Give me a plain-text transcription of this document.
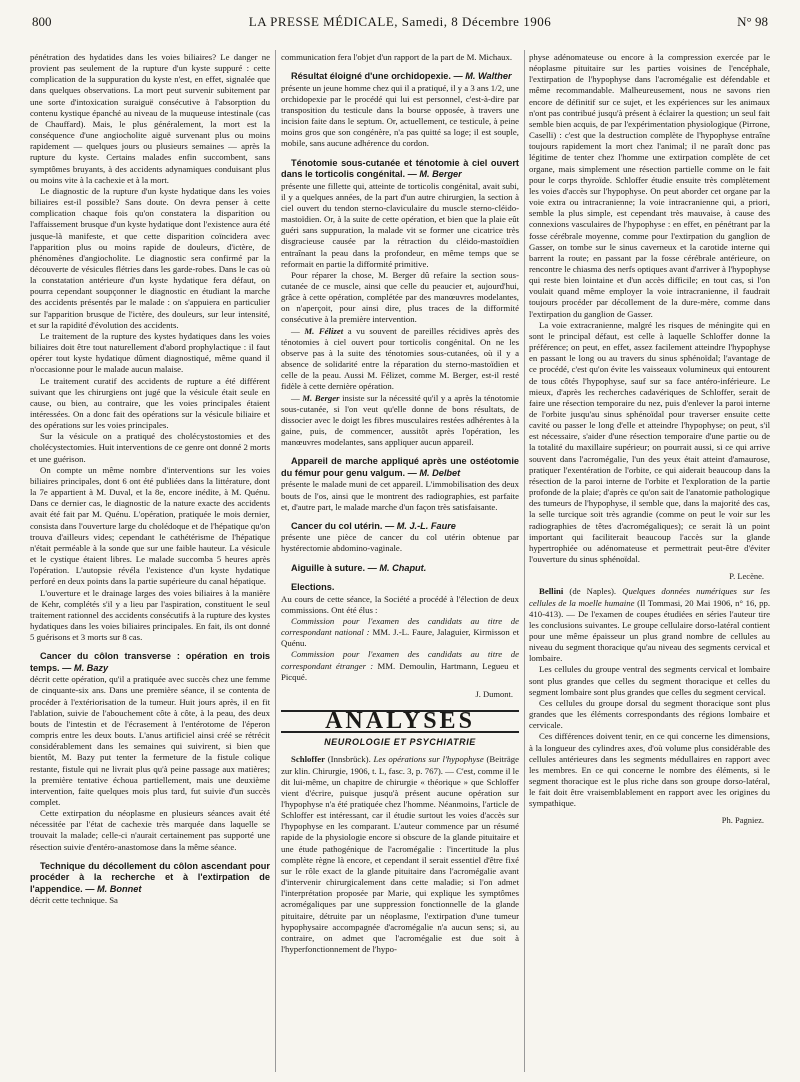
800	LA PRESSE MÉDICALE, Samedi, 8 Décembre 1906	N° 98

pénétration des hydatides dans les voies biliaires? Le danger ne provient pas seulement de la rupture d'un kyste suppuré : cette complication de la suppuration du kyste n'est, en effet, signalée que dans quelques observations. La mort peut survenir subitement par une sorte d'intoxication suraiguë consécutive à l'absorption du contenu kystique épanché au niveau de la muqueuse intestinale (cas de Chauffard). Mais, le plus généralement, la mort est la conséquence d'une angiocholite aiguë survenant plus ou moins rapidement — quelques jours ou plusieurs semaines — après la rupture du kyste. Certains malades enfin succombent, sans symptômes bruyants, à des accidents adynamiques conduisant plus ou moins vite à la cachexie et à la mort.

Le diagnostic de la rupture d'un kyste hydatique dans les voies biliaires est-il possible? Sans doute. On devra penser à cette complication chaque fois qu'on constatera la disparition ou l'affaissement brusque d'un kyste hydatique dont l'existence aura été jusque-là manifeste, et que cette disparition coïncidera avec l'apparition plus ou moins rapide de douleurs, d'ictère, de phénomènes d'angiocholite. Le diagnostic sera confirmé par la découverte de vésicules flétries dans les garde-robes. Dans le cas où la constatation antérieure d'un kyste hydatique fera défaut, on pourra cependant soupçonner le diagnostic en étudiant la marche des accidents présentés par le malade : on s'appuiera en particulier sur l'apparition brusque de l'ictère, des douleurs, sur leur intensité, et sur la rapidité d'évolution des accidents.

Le traitement de la rupture des kystes hydatiques dans les voies biliaires doit être tout naturellement d'abord prophylactique : il faut opérer tout kyste hydatique dûment diagnostiqué, même quand il n'occasionne pour le malade aucun malaise.

Le traitement curatif des accidents de rupture a été différent suivant que les chirurgiens ont jugé que la vésicule était seule en cause, ou bien, au contraire, que les voies principales étaient intéressées. On a donc fait des opérations sur la vésicule biliaire et des opérations sur les voies principales.

Sur la vésicule on a pratiqué des cholécystostomies et des cholécystectomies. Huit interventions de ce genre ont donné 2 morts et une guérison.

On compte un même nombre d'interventions sur les voies biliaires principales, dont 6 ont été publiées dans la littérature, dont la 7e appartient à M. Duval, et la 8e, encore inédite, à M. Quénu. Dans ce dernier cas, le diagnostic de la nature exacte des accidents avait été fait par M. Quénu. L'opération, pratiquée le mois dernier, consista dans l'ouverture large du cholédoque et de l'hépatique qu'on trouva d'ailleurs vides; cependant le cathétérisme de l'hépatique n'était perméable à la sonde que sur une faible hauteur. La vésicule et le cystique étaient libres. Le malade succomba 5 heures après l'opération. L'autopsie révéla l'existence d'un kyste hydatique perforé en deux points dans la partie supérieure du canal hépatique.

L'ouverture et le drainage larges des voies biliaires à la manière de Kehr, complétés s'il y a lieu par l'aspiration, constituent le seul traitement rationnel des accidents consécutifs à la rupture des kystes hydatiques dans les voies biliaires principales. En fait, ils ont donné 5 guérisons et 3 morts sur 8 cas.

Cancer du côlon transverse : opération en trois temps. — M. Bazy

décrit cette opération, qu'il a pratiquée avec succès chez une femme de cinquante-six ans. Dans une première séance, il se contenta de procéder à l'extériorisation de la tumeur. Huit jours après, il en fit l'ablation, suivie de l'abouchement côte à côte, à la peau, des deux bouts de l'intestin et de l'écrasement à l'entérotome de l'éperon compris entre les deux bouts. L'anus artificiel ainsi créé se rétrécit considérablement dans les semaines qui suivirent, si bien que bientôt, M. Bazy put tenter la fermeture de la fistule colique restante, fistule qui ne livrait plus qu'à peine passage aux matières; la première tentative échoua partiellement, mais une deuxième intervention, faite quelques mois plus tard, fut suivie d'un succès complet.

Cette extirpation du néoplasme en plusieurs séances avait été nécessitée par l'état de cachexie très marquée dans laquelle se trouvait la malade; celle-ci n'aurait certainement pas supporté une résection suivie d'entéro-anastomose dans la même séance.

Technique du décollement du côlon ascendant pour procéder à la recherche et à l'extirpation de l'appendice. — M. Bonnet

décrit cette technique. Sa

communication fera l'objet d'un rapport de la part de M. Michaux.

Résultat éloigné d'une orchidopexie. — M. Walther

présente un jeune homme chez qui il a pratiqué, il y a 3 ans 1/2, une orchidopexie par le procédé qui lui est personnel, c'est-à-dire par transposition du testicule dans la bourse opposée, à travers une incision faite dans le septum. Or, actuellement, ce testicule, à peine moins gros que son congénère, n'a pas quitté sa loge; il est souple, mobile, sans aucune adhérence du cordon.

Ténotomie sous-cutanée et ténotomie à ciel ouvert dans le torticolis congénital. — M. Berger

présente une fillette qui, atteinte de torticolis congénital, avait subi, il y a quelques années, de la part d'un autre chirurgien, la section à ciel ouvert du tendon sterno-claviculaire du muscle sterno-cléido-mastoïdien. Or, à la suite de cette opération, et bien que la plaie eût guéri sans suppuration, la malade vit se former une cicatrice très disgracieuse causée par la rétraction du cléido-mastoïdien entraînant la peau dans la profondeur, en même temps que se reformait en partie la difformité primitive.

Pour réparer la chose, M. Berger dû refaire la section sous-cutanée de ce muscle, ainsi que celle du peaucier et, aujourd'hui, grâce à cette opération, complétée par des manœuvres modelantes, on n'aperçoit, pour ainsi dire, plus traces de la difformité consécutive à la première intervention.

— M. Félizet a vu souvent de pareilles récidives après des ténotomies à ciel ouvert pour torticolis congénital. On ne les observe pas à la suite des ténotomies sous-cutanées, où il y a absence de solidarité entre la réparation du sterno-mastoïdien et celle de la peau. Aussi M. Félizet, comme M. Berger, est-il resté fidèle à cette dernière opération.

— M. Berger insiste sur la nécessité qu'il y a après la ténotomie sous-cutanée, si l'on veut qu'elle donne de bons résultats, de dissocier avec le doigt les fibres musculaires restées adhérentes à la gaine, puis, de commencer, aussitôt après l'opération, les manœuvres modelantes, sans appliquer aucun appareil.

Appareil de marche appliqué après une ostéotomie du fémur pour genu valgum. — M. Delbet

présente le malade muni de cet appareil. L'immobilisation des deux bouts de l'os, ainsi que le montrent des radiographies, est parfaite et, d'autre part, le malade marche d'un façon très satisfaisante.

Cancer du col utérin. — M. J.-L. Faure

présente une pièce de cancer du col utérin obtenue par hystérectomie abdomino-vaginale.

Aiguille à suture. — M. Chaput.
Elections.

Au cours de cette séance, la Société a procédé à l'élection de deux commissions. Ont été élus :

Commission pour l'examen des candidats au titre de correspondant national : MM. J.-L. Faure, Jalaguier, Kirmisson et Quénu.

Commission pour l'examen des candidats au titre de correspondant étranger : MM. Demoulin, Hartmann, Legueu et Picqué.

J. Dumont.
ANALYSES
NEUROLOGIE ET PSYCHIATRIE

Schloffer (Innsbrück). Les opérations sur l'hypophyse (Beiträge zur klin. Chirurgie, 1906, t. L, fasc. 3, p. 767). — C'est, comme il le dit lui-même, un chapitre de chirurgie « théorique » que Schloffer vient d'écrire, puisque jusqu'à présent aucune opération sur l'hypophyse n'a été pratiquée chez l'homme. Néanmoins, l'article de Schloffer est intéressant, car il étudie surtout les voies d'accès sur l'hypophyse en les comparant. L'auteur commence par un résumé rapide de la physiologie encore si obscure de la glande pituitaire et une étude pathogénique de l'acromégalie : l'incertitude la plus complète règne là encore, et cependant il serait essentiel d'être fixé sur le rôle exact de la glande pituitaire dans l'acromégalie avant d'intervenir chirurgicalement dans cette maladie; si l'on admet l'interprétation proposée par Marie, qui explique les symptômes acromégaliques par une suppression fonctionnelle de la glande pituitaire, détruite par un néoplasme, l'extirpation d'une tumeur hypophysaire accompagnée d'acromégalie n'a aucun sens; si, au contraire, on admet que l'acromégalie est due soit à l'hyperfonctionnement de l'hypo-

physe adénomateuse ou encore à la compression exercée par le néoplasme pituitaire sur les parties voisines de l'encéphale, l'extirpation de l'hypophyse dans l'acromégalie est défendable et même recommandable. Malheureusement, nous ne savons rien encore de définitif sur ce sujet, et les expériences sur les animaux n'ont pas contribué jusqu'à présent à éclairer la question; un seul fait semble bien acquis, de par l'expérimentation physiologique (Pirrone, Caselli) : c'est que la destruction complète de l'hypophyse entraîne toujours rapidement la mort chez l'animal; il ne paraît donc pas légitime de tenter chez l'homme une extirpation complète de cet organe, mais simplement une résection partielle comme on le fait pour le corps thyroïde. Schloffer étudie ensuite très complètement les voies d'accès sur l'hypophyse. On peut aborder cet organe par la voie extra ou intracranienne; la voie intracranienne qui, a priori, semble la plus simple, est cependant très mauvaise, à cause des connexions vasculaires de l'hypophyse : en effet, en pénétrant par la fosse cérébrale moyenne, comme pour l'extirpation du ganglion de Gasser, on tombe sur le sinus caverneux et la carotide interne qui barrent la route; en passant par la fosse cérébrale antérieure, on rencontre le chiasma des nerfs optiques avant d'arriver à l'hypophyse qui reste bien lointaine et d'un accès difficile; en tout cas, si l'on voulait quand même employer la voie intracranienne, il faudrait toujours procéder par décollement de la dure-mère, comme dans l'extirpation du ganglion de Gasser.

La voie extracranienne, malgré les risques de méningite qui en sont le principal défaut, est celle à laquelle Schloffer donne la préférence; on peut, en effet, assez facilement atteindre l'hypophyse en passant le long ou au travers du sinus sphénoïdal; l'avantage de ce procédé, c'est qu'on évite les vaisseaux volumineux qui entourent de tous côtés l'hypophyse, sauf sur sa face antéro-inférieure. Le mieux, d'après les recherches cadavériques de Schloffer, serait de faire une résection temporaire du nez, puis d'enlever la paroi interne de l'orbite jusqu'au sinus sphénoïdal pour traverser ensuite cette cavité ou passer le long d'elle et atteindre l'hypophyse; on peut, s'il est nécessaire, s'aider d'une résection temporaire d'une partie ou de la totalité du maxillaire supérieur; on pourrait aussi, si ce qui arrive souvent dans l'acromégalie, l'un des yeux était atteint d'amaurose, pratiquer l'exentération de l'orbite, ce qui aiderait beaucoup dans la résection de la paroi interne de l'orbite et l'exploration de la partie profonde de la plaie; d'après ce qu'on sait de l'anatomie pathologique des tumeurs de l'hypophyse, il semble que, dans la majorité des cas, la selle turcique soit très agrandie (comme on peut le voir sur les radiographies de têtes d'acromégaliques); ce serait là un point important qui faciliterait beaucoup l'accès sur la glande hypertrophiée ou adénomateuse et permettrait peut-être d'éviter l'ouverture du sinus sphénoïdal.

P. Lecène.

Bellini (de Naples). Quelques données numériques sur les cellules de la moelle humaine (Il Tommasi, 20 Mai 1906, n° 16, pp. 410-413). — De l'examen de coupes étudiées en séries l'auteur tire les conclusions suivantes. Le groupe cellulaire dorso-latéral contient pour une même épaisseur un plus grand nombre de cellules au niveau du segment thoracique qu'au niveau des segments cervical et lombaire.

Les cellules du groupe ventral des segments cervical et lombaire sont plus grandes que celles du segment thoracique et celles du segment lombaire sont plus grandes que celles du segment cervical.

Ces cellules du groupe dorsal du segment thoracique sont plus grandes que les éléments correspondants des régions lombaire et cervicale.

Ces différences doivent tenir, en ce qui concerne les dimensions, à la longueur des cylindres axes, d'où volume plus considérable des cellules antérieures dans les segments médullaires en rapport avec les membres. En ce qui concerne le nombre des éléments, si le segment thoracique est le plus riche dans son groupe dorso-latéral, le fait doit être vraisemblablement en rapport avec les origines du sympathique.

Ph. Pagniez.
